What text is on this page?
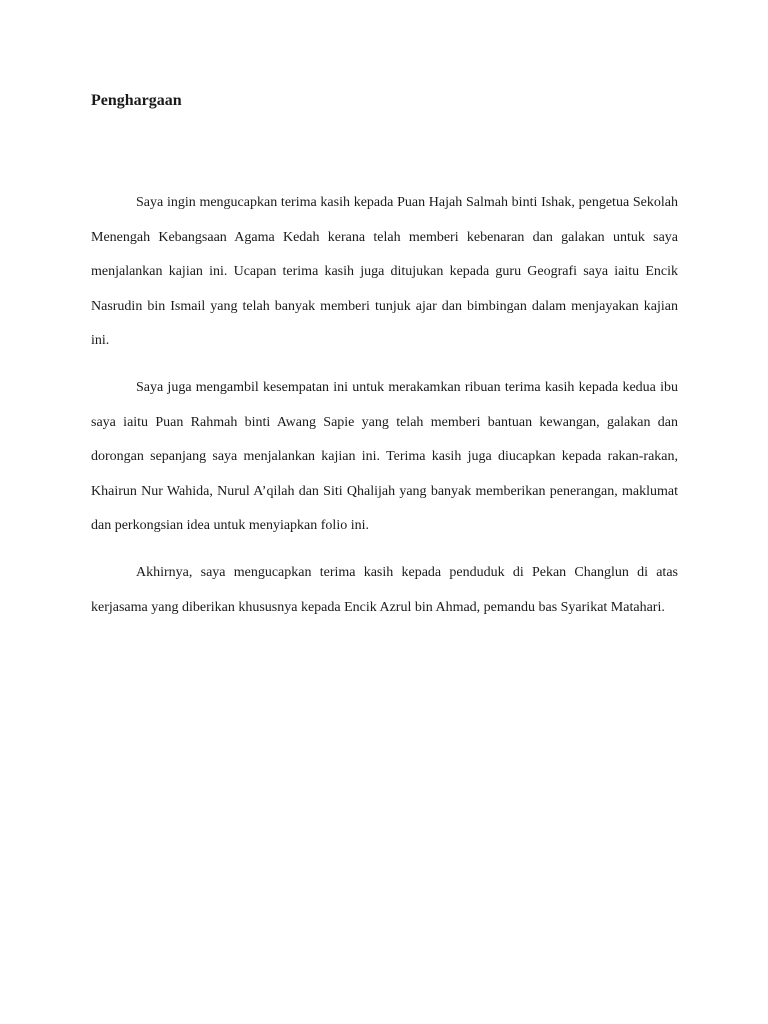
Penghargaan

Saya ingin mengucapkan terima kasih kepada Puan Hajah Salmah binti Ishak, pengetua Sekolah Menengah Kebangsaan Agama Kedah kerana telah memberi kebenaran dan galakan untuk saya menjalankan kajian ini. Ucapan terima kasih juga ditujukan kepada guru Geografi saya iaitu Encik Nasrudin bin Ismail yang telah banyak memberi tunjuk ajar dan bimbingan dalam menjayakan kajian ini.

Saya juga mengambil kesempatan ini untuk merakamkan ribuan terima kasih kepada kedua ibu saya iaitu Puan Rahmah binti Awang Sapie yang telah memberi bantuan kewangan, galakan dan dorongan sepanjang saya menjalankan kajian ini. Terima kasih juga diucapkan kepada rakan-rakan, Khairun Nur Wahida, Nurul A’qilah dan Siti Qhalijah yang banyak memberikan penerangan, maklumat dan perkongsian idea untuk menyiapkan folio ini.

Akhirnya, saya mengucapkan terima kasih kepada penduduk di Pekan Changlun di atas kerjasama yang diberikan khususnya kepada Encik Azrul bin Ahmad, pemandu bas Syarikat Matahari.
